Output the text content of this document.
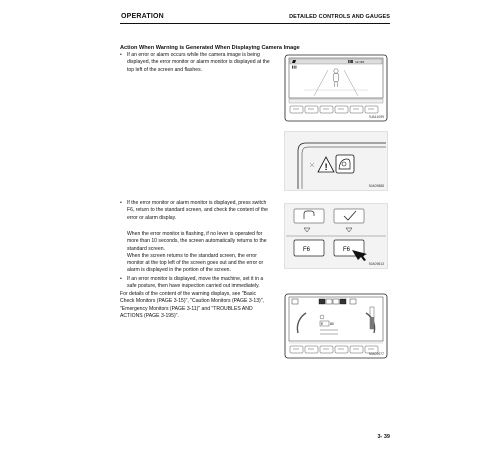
OPERATION	DETAILED CONTROLS AND GAUGES
Action When Warning is Generated When Displaying Camera Image
• If an error or alarm occurs while the camera image is being
displayed, the error monitor or alarm monitor is displayed at the
top left of the screen and flashes.
• If the error monitor or alarm monitor is displayed, press switch
F6, return to the standard screen, and check the content of the
error or alarm display.
When the error monitor is flashing, if no lever is operated for
more than 10 seconds, the screen automatically returns to the
standard screen.
When the screen returns to the standard screen, the error
monitor at the top left of the screen goes out and the error or
alarm is displayed in the portion of the screen.
• If an error monitor is displayed, move the machine, set it in a
safe posture, then have inspection carried out immediately.
For details of the content of the warning displays, see "Basic
Check Monitors (PAGE 3-15)", "Caution Monitors (PAGE 3-13)",
"Emergency Monitors (PAGE 3-11)" and "TROUBLES AND
ACTIONS (PAGE 3-195)".
12:00
E
▌▌▌
9JA11099
!
9JA09888
F6	F6
9JA09813
E 80
9JA09977
3- 39
